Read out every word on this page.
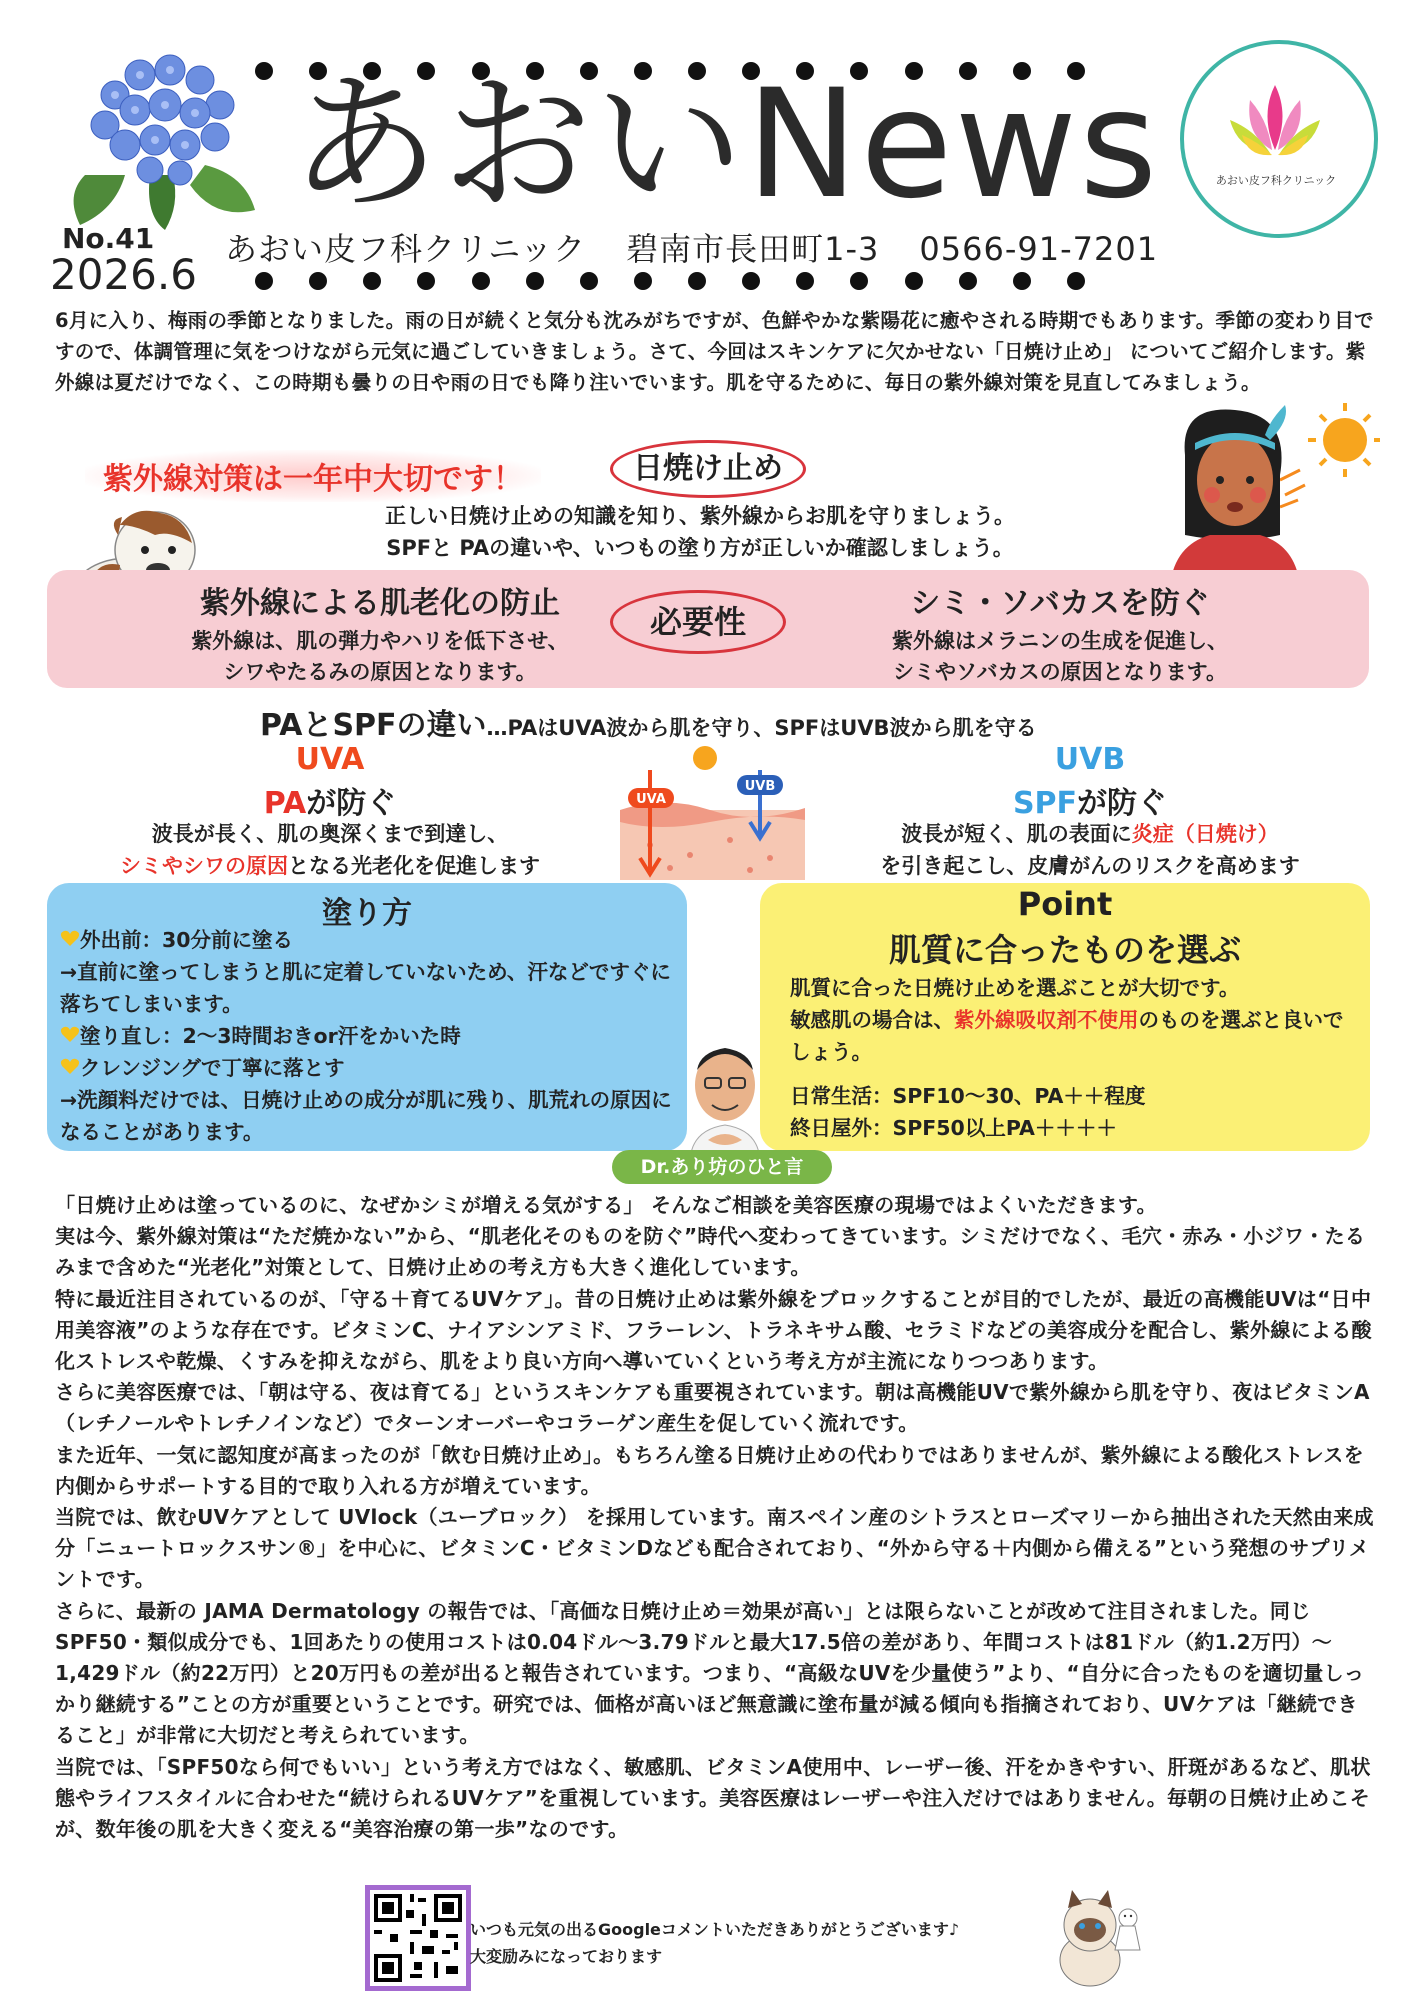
あおいNews
No.41
2026.6
あおい皮フ科クリニック 碧南市長田町1-3 0566-91-7201
あおい皮フ科クリニック
6月に入り、梅雨の季節となりました。雨の日が続くと気分も沈みがちですが、色鮮やかな紫陽花に癒やされる時期でもあります。季節の変わり目ですので、体調管理に気をつけながら元気に過ごしていきましょう。さて、今回はスキンケアに欠かせない「日焼け止め」 についてご紹介します。紫外線は夏だけでなく、この時期も曇りの日や雨の日でも降り注いでいます。肌を守るために、毎日の紫外線対策を見直してみましょう。
紫外線対策は一年中大切です！	日焼け止め
正しい日焼け止めの知識を知り、紫外線からお肌を守りましょう。
SPFと PAの違いや、いつもの塗り方が正しいか確認しましょう。
紫外線による肌老化の防止
紫外線は、肌の弾力やハリを低下させ、
シワやたるみの原因となります。
必要性	シミ・ソバカスを防ぐ
紫外線はメラニンの生成を促進し、
シミやソバカスの原因となります。
PAとSPFの違い…PAはUVA波から肌を守り、SPFはUVB波から肌を守る
UVA
PAが防ぐ
波長が長く、肌の奥深くまで到達し、
シミやシワの原因となる光老化を促進します
UVB
SPFが防ぐ
波長が短く、肌の表面に炎症（日焼け）
を引き起こし、皮膚がんのリスクを高めます
UVA
UVB
塗り方
外出前：30分前に塗る
→直前に塗ってしまうと肌に定着していないため、汗などですぐに落ちてしまいます。
塗り直し：2〜3時間おきor汗をかいた時
クレンジングで丁寧に落とす
→洗顔料だけでは、日焼け止めの成分が肌に残り、肌荒れの原因になることがあります。
Point
肌質に合ったものを選ぶ
肌質に合った日焼け止めを選ぶことが大切です。
敏感肌の場合は、紫外線吸収剤不使用のものを選ぶと良いでしょう。
日常生活：SPF10〜30、PA＋＋程度
終日屋外：SPF50以上PA＋＋＋＋
Dr.あり坊のひと言

「日焼け止めは塗っているのに、なぜかシミが増える気がする」 そんなご相談を美容医療の現場ではよくいただきます。

実は今、紫外線対策は“ただ焼かない”から、“肌老化そのものを防ぐ”時代へ変わってきています。シミだけでなく、毛穴・赤み・小ジワ・たるみまで含めた“光老化”対策として、日焼け止めの考え方も大きく進化しています。

特に最近注目されているのが、「守る＋育てるUVケア」。昔の日焼け止めは紫外線をブロックすることが目的でしたが、最近の高機能UVは“日中用美容液”のような存在です。ビタミンC、ナイアシンアミド、フラーレン、トラネキサム酸、セラミドなどの美容成分を配合し、紫外線による酸化ストレスや乾燥、くすみを抑えながら、肌をより良い方向へ導いていくという考え方が主流になりつつあります。

さらに美容医療では、「朝は守る、夜は育てる」というスキンケアも重要視されています。朝は高機能UVで紫外線から肌を守り、夜はビタミンA（レチノールやトレチノインなど）でターンオーバーやコラーゲン産生を促していく流れです。

また近年、一気に認知度が高まったのが「飲む日焼け止め」。もちろん塗る日焼け止めの代わりではありませんが、紫外線による酸化ストレスを内側からサポートする目的で取り入れる方が増えています。

当院では、飲むUVケアとして UVlock（ユーブロック） を採用しています。南スペイン産のシトラスとローズマリーから抽出された天然由来成分「ニュートロックスサン®」を中心に、ビタミンC・ビタミンDなども配合されており、“外から守る＋内側から備える”という発想のサプリメントです。

さらに、最新の JAMA Dermatology の報告では、「高価な日焼け止め＝効果が高い」とは限らないことが改めて注目されました。同じSPF50・類似成分でも、1回あたりの使用コストは0.04ドル〜3.79ドルと最大17.5倍の差があり、年間コストは81ドル（約1.2万円）〜1,429ドル（約22万円）と20万円もの差が出ると報告されています。つまり、“高級なUVを少量使う”より、“自分に合ったものを適切量しっかり継続する”ことの方が重要ということです。研究では、価格が高いほど無意識に塗布量が減る傾向も指摘されており、UVケアは「継続できること」が非常に大切だと考えられています。

当院では、「SPF50なら何でもいい」という考え方ではなく、敏感肌、ビタミンA使用中、レーザー後、汗をかきやすい、肝斑があるなど、肌状態やライフスタイルに合わせた“続けられるUVケア”を重視しています。美容医療はレーザーや注入だけではありません。毎朝の日焼け止めこそが、数年後の肌を大きく変える“美容治療の第一歩”なのです。

いつも元気の出るGoogleコメントいただきありがとうございます♪
大変励みになっております
